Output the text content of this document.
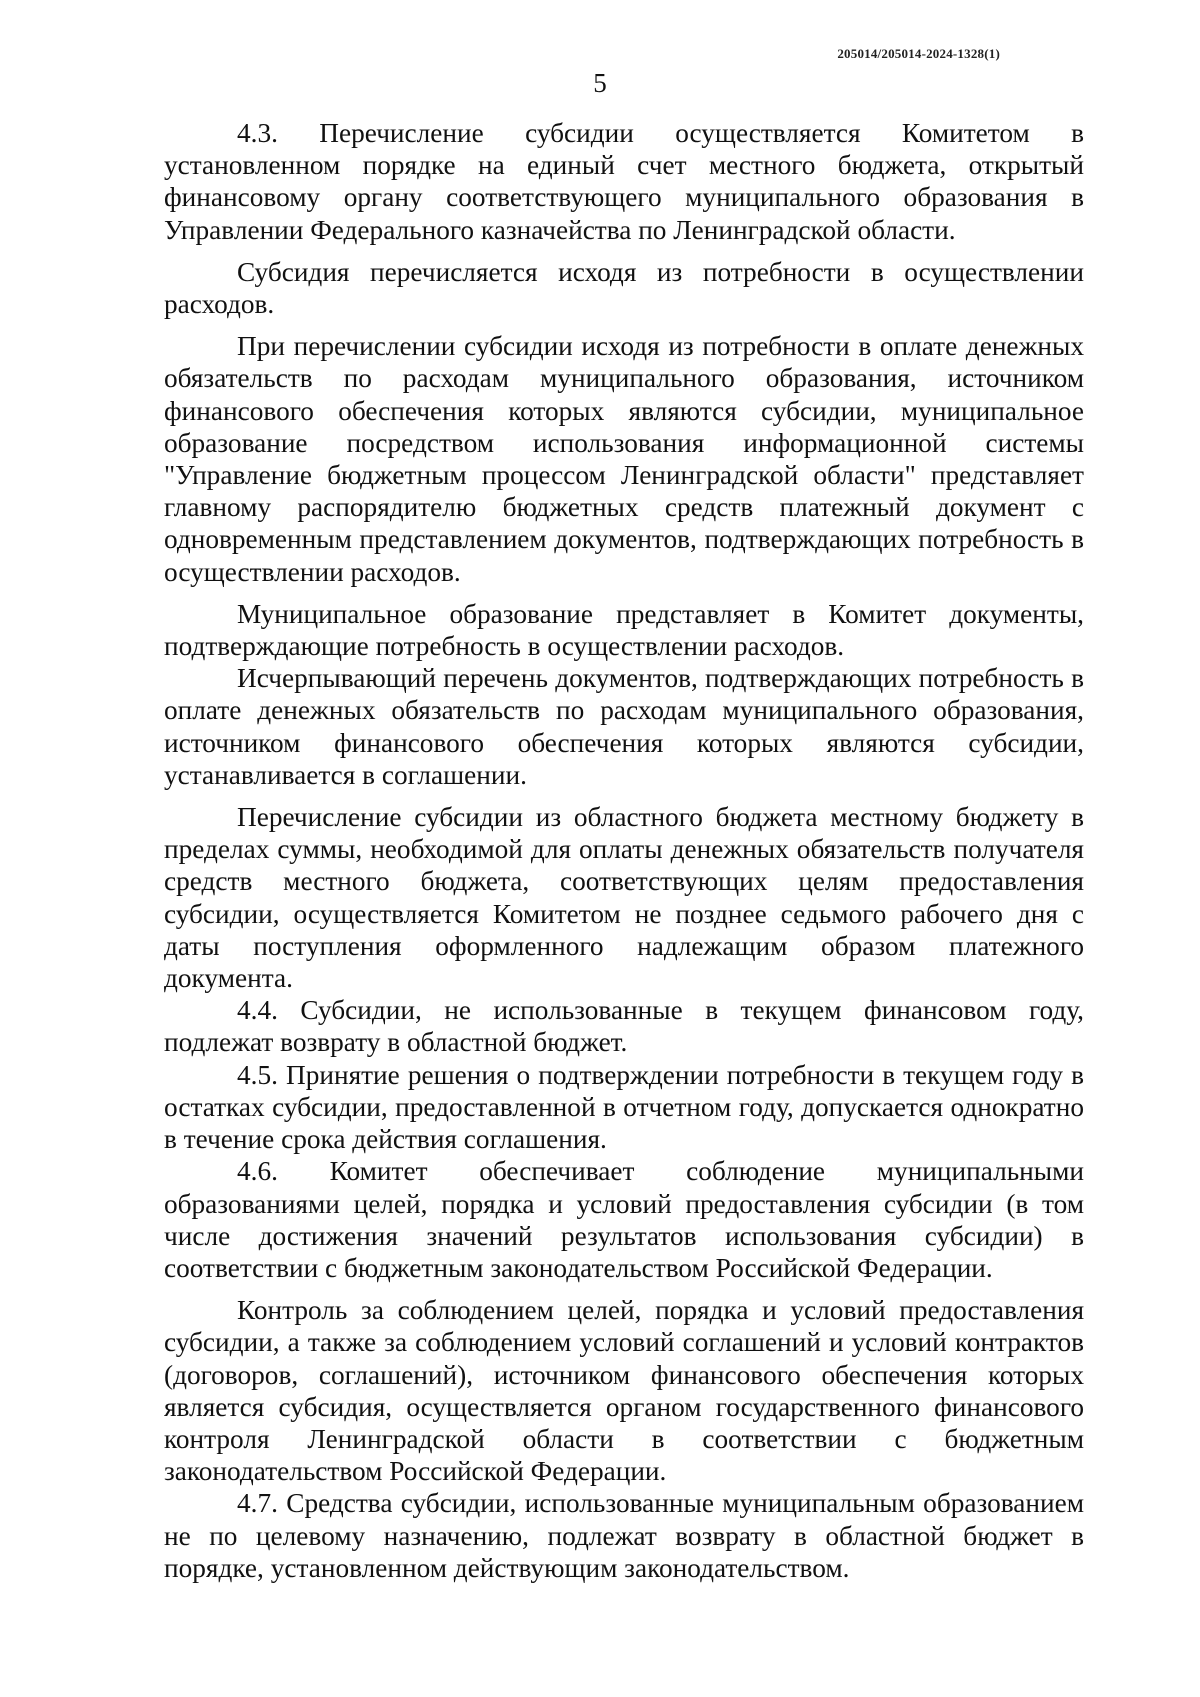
205014/205014-2024-1328(1)
5

4.3. Перечисление субсидии осуществляется Комитетом в установленном порядке на единый счет местного бюджета, открытый финансовому органу соответствующего муниципального образования в Управлении Федерального казначейства по Ленинградской области.

Субсидия перечисляется исходя из потребности в осуществлении расходов.

При перечислении субсидии исходя из потребности в оплате денежных обязательств по расходам муниципального образования, источником финансового обеспечения которых являются субсидии, муниципальное образование посредством использования информационной системы "Управление бюджетным процессом Ленинградской области" представляет главному распорядителю бюджетных средств платежный документ с одновременным представлением документов, подтверждающих потребность в осуществлении расходов.

Муниципальное образование представляет в Комитет документы, подтверждающие потребность в осуществлении расходов.

Исчерпывающий перечень документов, подтверждающих потребность в оплате денежных обязательств по расходам муниципального образования, источником финансового обеспечения которых являются субсидии, устанавливается в соглашении.

Перечисление субсидии из областного бюджета местному бюджету в пределах суммы, необходимой для оплаты денежных обязательств получателя средств местного бюджета, соответствующих целям предоставления субсидии, осуществляется Комитетом не позднее седьмого рабочего дня с даты поступления оформленного надлежащим образом платежного документа.

4.4. Субсидии, не использованные в текущем финансовом году, подлежат возврату в областной бюджет.

4.5. Принятие решения о подтверждении потребности в текущем году в остатках субсидии, предоставленной в отчетном году, допускается однократно в течение срока действия соглашения.

4.6. Комитет обеспечивает соблюдение муниципальными образованиями целей, порядка и условий предоставления субсидии (в том числе достижения значений результатов использования субсидии) в соответствии с бюджетным законодательством Российской Федерации.

Контроль за соблюдением целей, порядка и условий предоставления субсидии, а также за соблюдением условий соглашений и условий контрактов (договоров, соглашений), источником финансового обеспечения которых является субсидия, осуществляется органом государственного финансового контроля Ленинградской области в соответствии с бюджетным законодательством Российской Федерации.

4.7. Средства субсидии, использованные муниципальным образованием не по целевому назначению, подлежат возврату в областной бюджет в порядке, установленном действующим законодательством.
